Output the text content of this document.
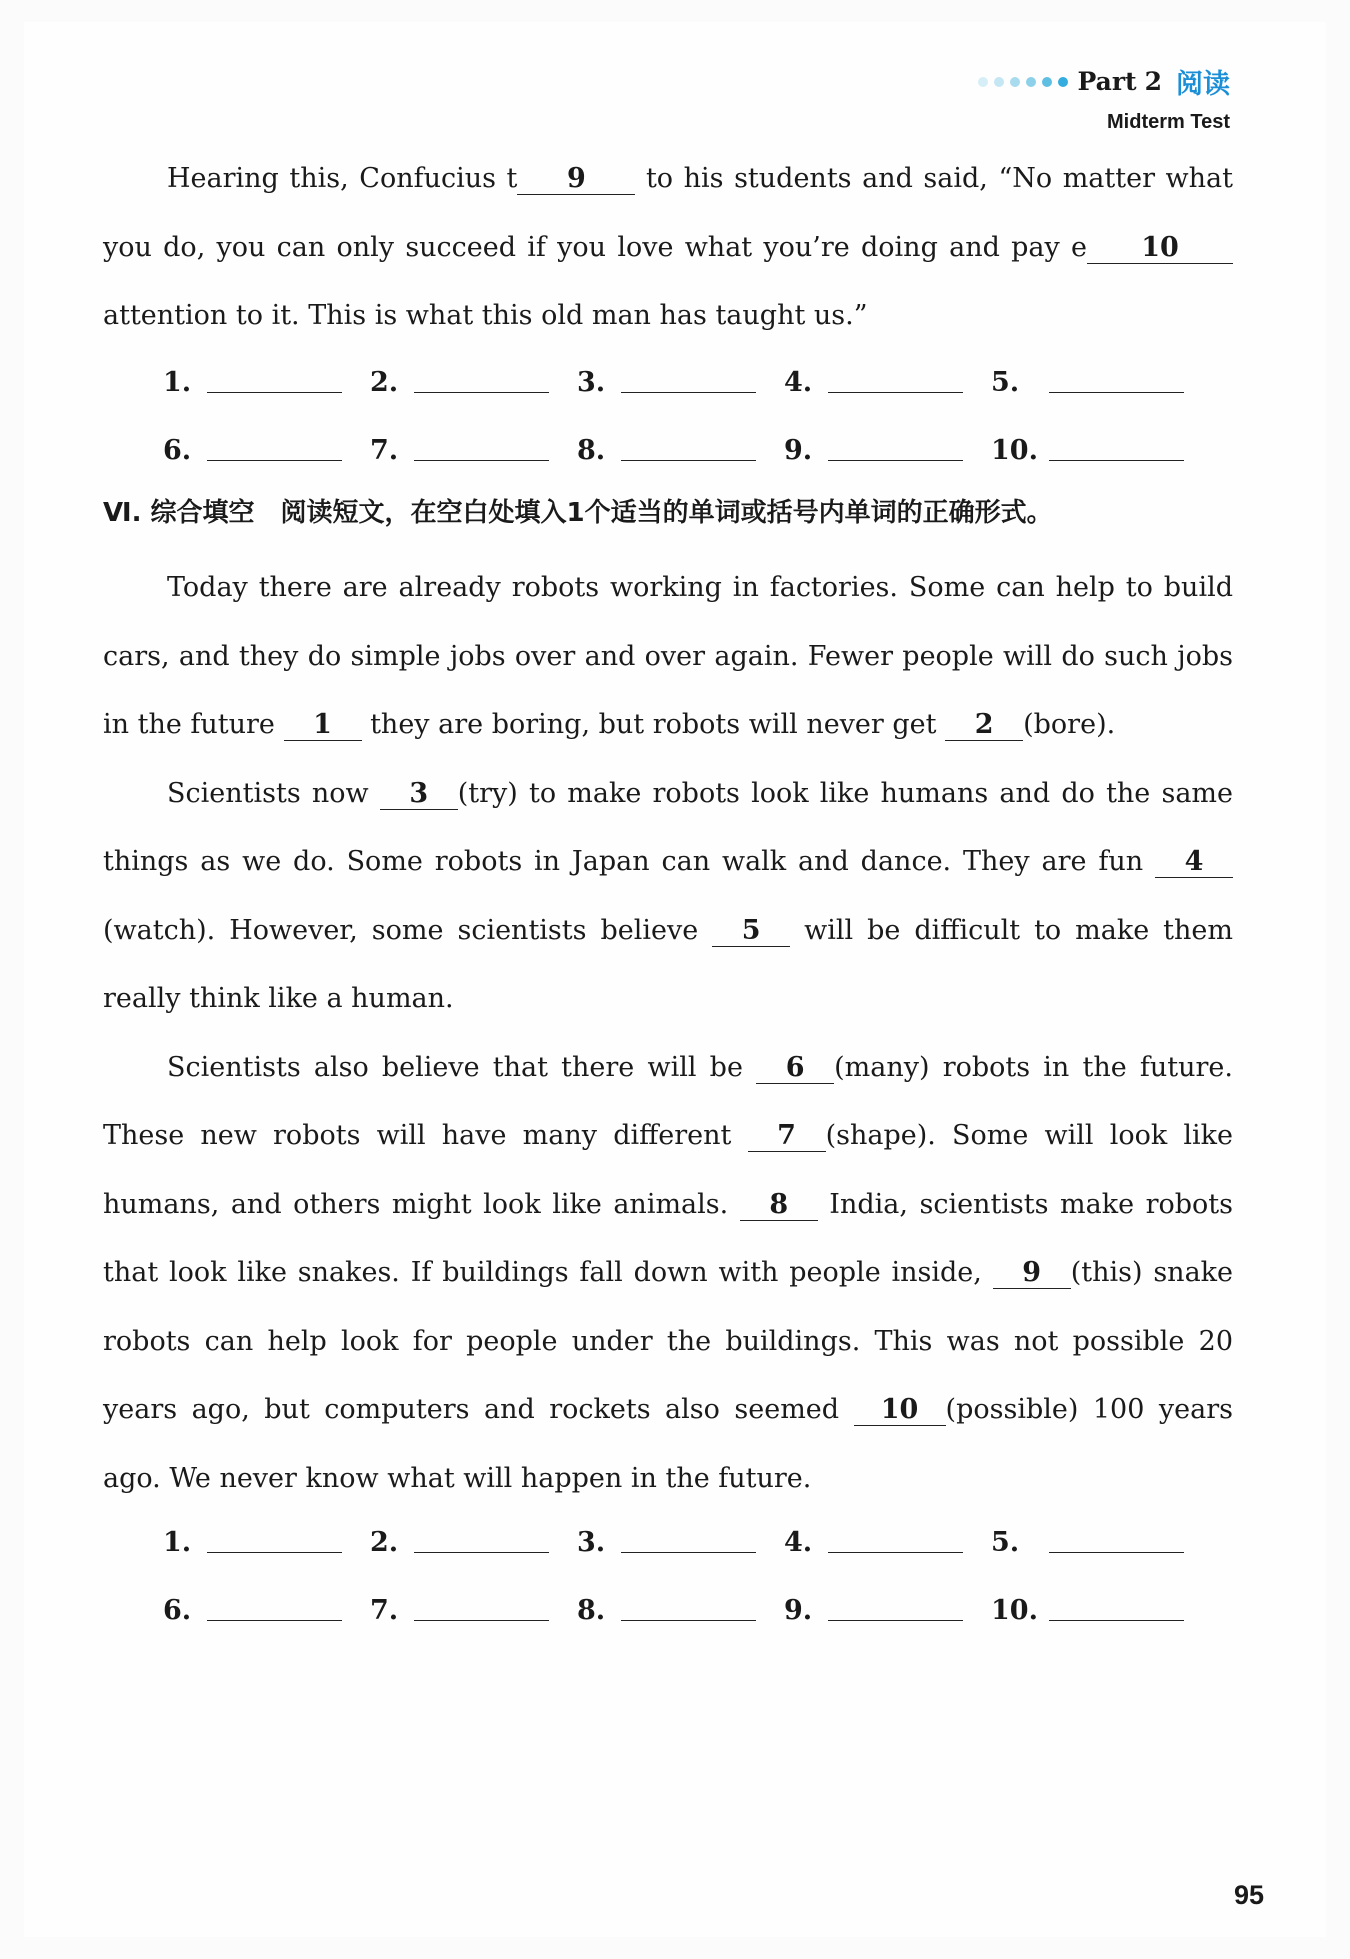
Part 2 阅读
Midterm Test

Hearing this, Confucius t 9 to his students and said, “No matter what you do, you can only succeed if you love what you’re doing and pay e 10 attention to it. This is what this old man has taught us.”

1.	2.	3.	4.	5.
6.	7.	8.	9.	10.
Ⅵ. 综合填空　阅读短文，在空白处填入1个适当的单词或括号内单词的正确形式。

Today there are already robots working in factories. Some can help to build cars, and they do simple jobs over and over again. Fewer people will do such jobs in the future 1 they are boring, but robots will never get 2 (bore).

Scientists now 3 (try) to make robots look like humans and do the same things as we do. Some robots in Japan can walk and dance. They are fun 4(watch). However, some scientists believe 5 will be difficult to make them really think like a human.

Scientists also believe that there will be 6 (many) robots in the future. These new robots will have many different 7 (shape). Some will look like humans, and others might look like animals. 8 India, scientists make robots that look like snakes. If buildings fall down with people inside, 9 (this) snake robots can help look for people under the buildings. This was not possible 20 years ago, but computers and rockets also seemed 10 (possible) 100 years ago. We never know what will happen in the future.

1.	2.	3.	4.	5.
6.	7.	8.	9.	10.
95
